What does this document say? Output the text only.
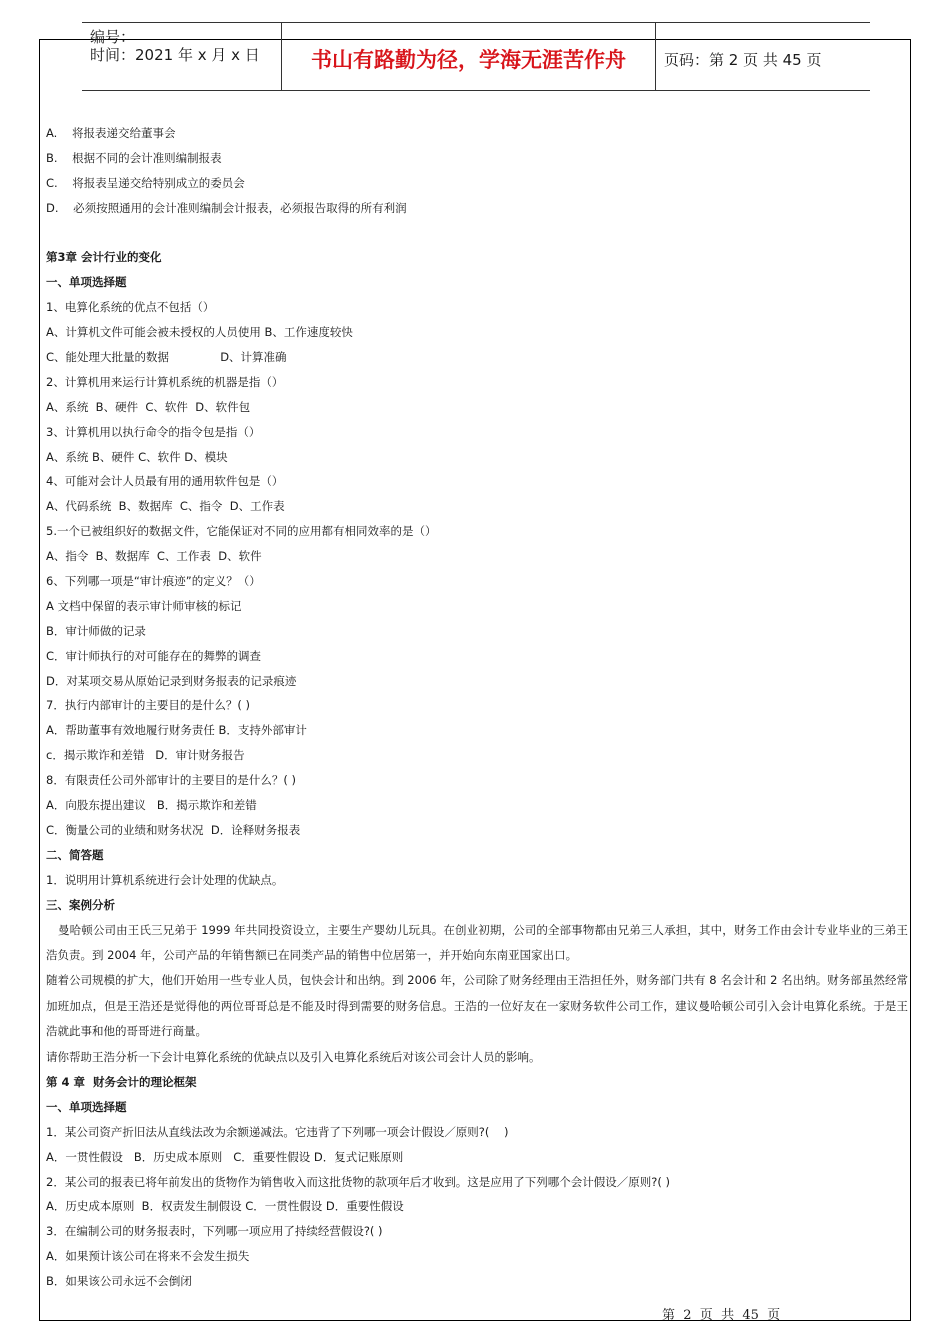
编号：
时间：2021 年 x 月 x 日	书山有路勤为径，学海无涯苦作舟	页码：第 2 页 共 45 页
A.    将报表递交给董事会
B.    根据不同的会计准则编制报表
C.    将报表呈递交给特别成立的委员会
D.    必须按照通用的会计准则编制会计报表，必须报告取得的所有利润
第3章 会计行业的变化
一、单项选择题
1、电算化系统的优点不包括（）
A、计算机文件可能会被未授权的人员使用 B、工作速度较快
C、能处理大批量的数据              D、计算准确
2、计算机用来运行计算机系统的机器是指（）
A、系统  B、硬件  C、软件  D、软件包
3、计算机用以执行命令的指令包是指（）
A、系统 B、硬件 C、软件 D、模块
4、可能对会计人员最有用的通用软件包是（）
A、代码系统  B、数据库  C、指令  D、工作表
5.一个已被组织好的数据文件，它能保证对不同的应用都有相同效率的是（）
A、指令  B、数据库  C、工作表  D、软件
6、下列哪一项是“审计痕迹”的定义？（）
A 文档中保留的表示审计师审核的标记
B．审计师做的记录
C．审计师执行的对可能存在的舞弊的调查
D．对某项交易从原始记录到财务报表的记录痕迹
7．执行内部审计的主要目的是什么？( )
A．帮助董事有效地履行财务责任 B．支持外部审计
c．揭示欺诈和差错   D．审计财务报告
8．有限责任公司外部审计的主要目的是什么？( )
A．向股东提出建议   B．揭示欺诈和差错
C．衡量公司的业绩和财务状况  D．诠释财务报表
二、简答题
1．说明用计算机系统进行会计处理的优缺点。
三、案例分析
曼哈顿公司由王氏三兄弟于 1999 年共同投资设立，主要生产婴幼儿玩具。在创业初期，公司的全部事物都由兄弟三人承担，其中，财务工作由会计专业毕业的三弟王浩负责。到 2004 年，公司产品的年销售额已在同类产品的销售中位居第一，并开始向东南亚国家出口。
随着公司规模的扩大，他们开始用一些专业人员，包快会计和出纳。到 2006 年，公司除了财务经理由王浩担任外，财务部门共有 8 名会计和 2 名出纳。财务部虽然经常加班加点，但是王浩还是觉得他的两位哥哥总是不能及时得到需要的财务信息。王浩的一位好友在一家财务软件公司工作，建议曼哈顿公司引入会计电算化系统。于是王浩就此事和他的哥哥进行商量。
请你帮助王浩分析一下会计电算化系统的优缺点以及引入电算化系统后对该公司会计人员的影响。
第 4 章  财务会计的理论框架
一、单项选择题
1．某公司资产折旧法从直线法改为余额递减法。它违背了下列哪一项会计假设／原则?(    )
A．一贯性假设   B．历史成本原则   C．重要性假设 D．复式记账原则
2．某公司的报表已将年前发出的货物作为销售收入而这批货物的款项年后才收到。这是应用了下列哪个会计假设／原则?( )
A．历史成本原则  B．权责发生制假设 C．一贯性假设 D．重要性假设
3．在编制公司的财务报表时，下列哪一项应用了持续经营假设?( )
A．如果预计该公司在将来不会发生损失
B．如果该公司永远不会倒闭
第  2  页  共  45  页
